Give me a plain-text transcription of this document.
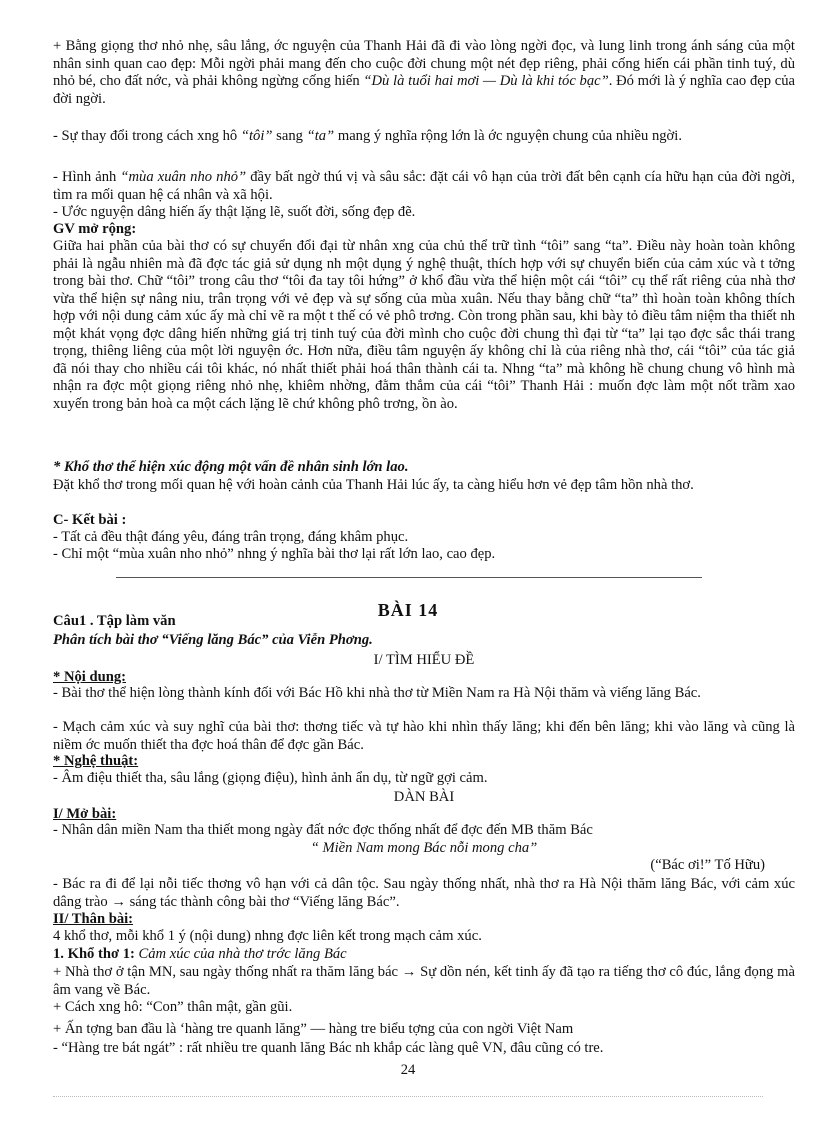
+ Bằng giọng thơ nhỏ nhẹ, sâu lắng, ớc nguyện của Thanh Hải đã đi vào lòng ngời đọc, và lung linh trong ánh sáng của một nhân sinh quan cao đẹp: Mỗi ngời phải mang đến cho cuộc đời chung một nét đẹp riêng, phải cống hiến cái phần tinh tuý, dù nhỏ bé, cho đất nớc, và phải không ngừng cống hiến “Dù là tuổi hai mơi — Dù là khi tóc bạc”. Đó mới là ý nghĩa cao đẹp của đời ngời.
- Sự thay đổi trong cách xng hô “tôi” sang “ta” mang ý nghĩa rộng lớn là ớc nguyện chung của nhiều ngời.
- Hình ảnh “mùa xuân nho nhỏ” đầy bất ngờ thú vị và sâu sắc: đặt cái vô hạn của trời đất bên cạnh cía hữu hạn của đời ngời, tìm ra mối quan hệ cá nhân và xã hội.
- Ước nguyện dâng hiến ấy thật lặng lẽ, suốt đời, sống đẹp đẽ.
GV mở rộng:
Giữa hai phần của bài thơ có sự chuyển đổi đại từ nhân xng của chủ thể trữ tình “tôi” sang “ta”. Điều này hoàn toàn không phải là ngẫu nhiên mà đã đợc tác giả sử dụng nh một dụng ý nghệ thuật, thích hợp với sự chuyển biến của cảm xúc và t tởng trong bài thơ. Chữ “tôi” trong câu thơ “tôi đa tay tôi hứng” ở khổ đầu vừa thể hiện một cái “tôi” cụ thể rất riêng của nhà thơ vừa thể hiện sự nâng niu, trân trọng với vẻ đẹp và sự sống của mùa xuân. Nếu thay bằng chữ “ta” thì hoàn toàn không thích hợp với nội dung cảm xúc ấy mà chỉ vẽ ra một t thế có vẻ phô trơng. Còn trong phần sau, khi bày tỏ điều tâm niệm tha thiết nh một khát vọng đợc dâng hiến những giá trị tinh tuý của đời mình cho cuộc đời chung thì đại từ “ta” lại tạo đợc sắc thái trang trọng, thiêng liêng của một lời nguyện ớc. Hơn nữa, điều tâm nguyện ấy không chỉ là của riêng nhà thơ, cái “tôi” của tác giả đã nói thay cho nhiều cái tôi khác, nó nhất thiết phải hoá thân thành cái ta. Nhng “ta” mà không hề chung chung vô hình mà nhận ra đợc một giọng riêng nhỏ nhẹ, khiêm nhờng, đằm thắm của cái “tôi” Thanh Hải : muốn đợc làm một nốt trầm xao xuyến trong bản hoà ca một cách lặng lẽ chứ không phô trơng, ồn ào.
* Khổ thơ thể hiện xúc động một vấn đề nhân sinh lớn lao.
Đặt khổ thơ trong mối quan hệ với hoàn cảnh của Thanh Hải lúc ấy, ta càng hiểu hơn vẻ đẹp tâm hồn nhà thơ.
C- Kết bài :
- Tất cả đều thật đáng yêu, đáng trân trọng, đáng khâm phục.
- Chỉ một “mùa xuân nho nhỏ” nhng ý nghĩa bài thơ lại rất lớn lao, cao đẹp.
BÀI 14
Câu1 . Tập làm văn
Phân tích bài thơ “Viếng lăng Bác” của Viễn Phơng.
I/ TÌM HIỂU ĐỀ
* Nội dung:
- Bài thơ thể hiện lòng thành kính đối với Bác Hồ khi nhà thơ từ Miền Nam ra Hà Nội thăm và viếng lăng Bác.
- Mạch cảm xúc và suy nghĩ của bài thơ: thơng tiếc và tự hào khi nhìn thấy lăng; khi đến bên lăng; khi vào lăng và cũng là niềm ớc muốn thiết tha đợc hoá thân để đợc gần Bác.
* Nghệ thuật:
- Âm điệu thiết tha, sâu lắng (giọng điệu), hình ảnh ẩn dụ, từ ngữ gợi cảm.
DÀN BÀI
I/ Mở bài:
- Nhân dân miền Nam tha thiết mong ngày đất nớc đợc thống nhất để đợc đến MB thăm Bác
“ Miền Nam mong Bác nỗi mong cha”
(“Bác ơi!” Tố Hữu)
- Bác ra đi để lại nỗi tiếc thơng vô hạn với cả dân tộc. Sau ngày thống nhất, nhà thơ ra Hà Nội thăm lăng Bác, với cảm xúc dâng trào → sáng tác thành công bài thơ “Viếng lăng Bác”.
II/ Thân bài:
4 khổ thơ, mỗi khổ 1 ý (nội dung) nhng đợc liên kết trong mạch cảm xúc.
1. Khổ thơ 1: Cảm xúc của nhà thơ trớc lăng Bác
+ Nhà thơ ở tận MN, sau ngày thống nhất ra thăm lăng bác → Sự dồn nén, kết tinh ấy đã tạo ra tiếng thơ cô đúc, lắng đọng mà âm vang về Bác.
+ Cách xng hô: “Con” thân mật, gần gũi.
+ Ấn tợng ban đầu là ‘hàng tre quanh lăng” — hàng tre biểu tợng của con ngời Việt Nam
- “Hàng tre bát ngát” : rất nhiều tre quanh lăng Bác nh khắp các làng quê VN, đâu cũng có tre.
24
